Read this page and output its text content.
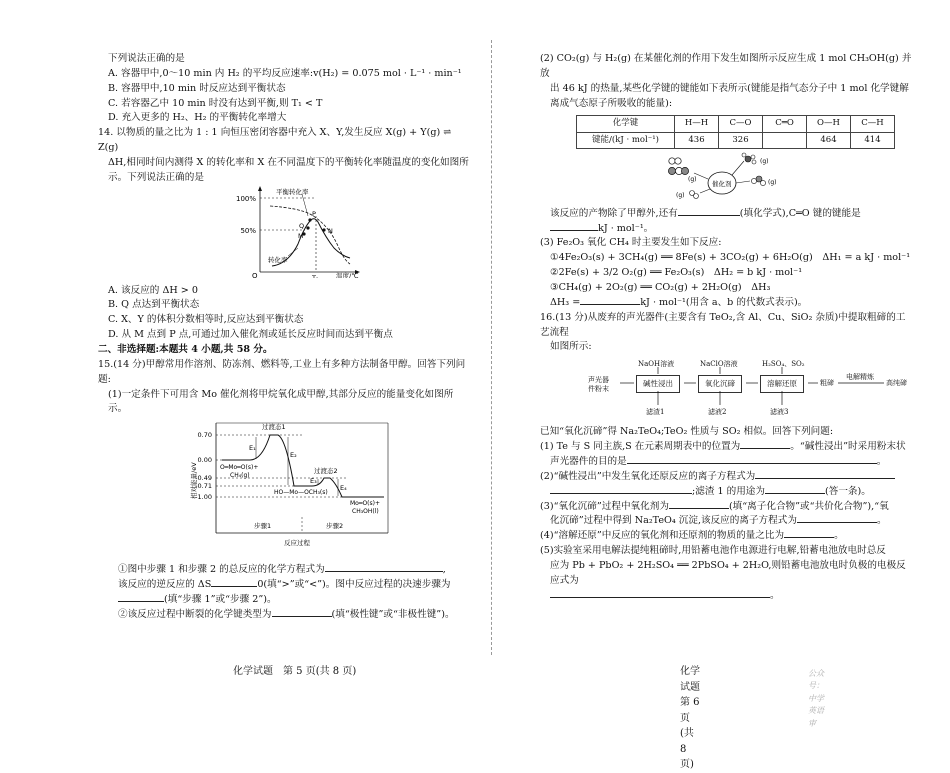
下列说法正确的是

A. 容器甲中,0～10 min 内 H₂ 的平均反应速率:v(H₂) = 0.075 mol · L⁻¹ · min⁻¹

B. 容器甲中,10 min 时反应达到平衡状态

C. 若容器乙中 10 min 时没有达到平衡,则 T₁ < T

D. 充入更多的 H₂、H₂ 的平衡转化率增大

14. 以物质的量之比为 1 : 1 向恒压密闭容器中充入 X、Y,发生反应 X(g) + Y(g) ⇌ Z(g)

ΔH,相同时间内测得 X 的转化率和 X 在不同温度下的平衡转化率随温度的变化如图所

示。下列说法正确的是

100%
50%
O	温度/℃
T₁
平衡转化率
转化率
P
Q
M
N

A. 该反应的 ΔH > 0

B. Q 点达到平衡状态

C. X、Y 的体积分数相等时,反应达到平衡状态

D. 从 M 点到 P 点,可通过加入催化剂或延长反应时间而达到平衡点

二、非选择题:本题共 4 小题,共 58 分。

15.(14 分)甲醇常用作溶剂、防冻剂、燃料等,工业上有多种方法制备甲醇。回答下列问题:

(1)一定条件下可用含 Mo 催化剂将甲烷氧化成甲醇,其部分反应的能量变化如图所示。

相对能量/eV
0.70
0.00
-0.49
-0.71
-1.00
过渡态1
过渡态2
E₁
E₂
E₃
E₄
O═Mo═O(s)+
CH₄(g)
HO—Mo—OCH₃(s)
Mo═O(s)+
CH₃OH(l)
步骤1	步骤2
反应过程

①图中步骤 1 和步骤 2 的总反应的化学方程式为	,

该反应的逆反应的 ΔS	0(填“>”或“<”)。图中反应过程的决速步骤为

(填“步骤 1”或“步骤 2”)。

②该反应过程中断裂的化学键类型为	(填“极性键”或“非极性键”)。

化学试题　第 5 页(共 8 页)

(2) CO₂(g) 与 H₂(g) 在某催化剂的作用下发生如图所示反应生成 1 mol CH₃OH(g) 并放

出 46 kJ 的热量,某些化学键的键能如下表所示(键能是指气态分子中 1 mol 化学键解

离成气态原子所吸收的能量):

化学键	H—H	C—O	C═O	O—H	C—H
键能/(kJ · mol⁻¹)	436	326		464	414
(g)
催化剂
(g)
(g)
(g)

该反应的产物除了甲醇外,还有	(填化学式),C═O 键的键能是

kJ · mol⁻¹。

(3) Fe₂O₃ 氧化 CH₄ 时主要发生如下反应:

①4Fe₂O₃(s) + 3CH₄(g) ══ 8Fe(s) + 3CO₂(g) + 6H₂O(g)　ΔH₁ = a kJ · mol⁻¹

②2Fe(s) + 3/2 O₂(g) ══ Fe₂O₃(s)　ΔH₂ = b kJ · mol⁻¹

③CH₄(g) + 2O₂(g) ══ CO₂(g) + 2H₂O(g)　ΔH₃

ΔH₃ =	kJ · mol⁻¹(用含 a、b 的代数式表示)。

16.(13 分)从废弃的声光器件(主要含有 TeO₂,含 Al、Cu、SiO₂ 杂质)中提取粗碲的工艺流程

如图所示:

声光器
件粉末
NaOH溶液	NaClO溶液	H₂SO₄、SO₂
碱性浸出	氧化沉碲	溶解还原	粗碲
电解精炼
高纯碲
滤渣1	滤液2	滤液3

已知“氧化沉碲”得 Na₂TeO₄;TeO₂ 性质与 SO₂ 相似。回答下列问题:

(1) Te 与 S 同主族,S 在元素周期表中的位置为	。“碱性浸出”时采用粉末状

声光器件的目的是	。

(2)“碱性浸出”中发生氧化还原反应的离子方程式为

;滤渣 1 的用途为	(答一条)。

(3)“氧化沉碲”过程中氧化剂为	(填“离子化合物”或“共价化合物”),“氧

化沉碲”过程中得到 Na₂TeO₄ 沉淀,该反应的离子方程式为	。

(4)“溶解还原”中反应的氧化剂和还原剂的物质的量之比为	。

(5)实验室采用电解法提纯粗碲时,用铅蓄电池作电源进行电解,铅蓄电池放电时总反

应为 Pb + PbO₂ + 2H₂SO₄ ══ 2PbSO₄ + 2H₂O,则铅蓄电池放电时负极的电极反应式为

。

化学试题　第 6 页(共 8 页)
公众号：中学英语审
